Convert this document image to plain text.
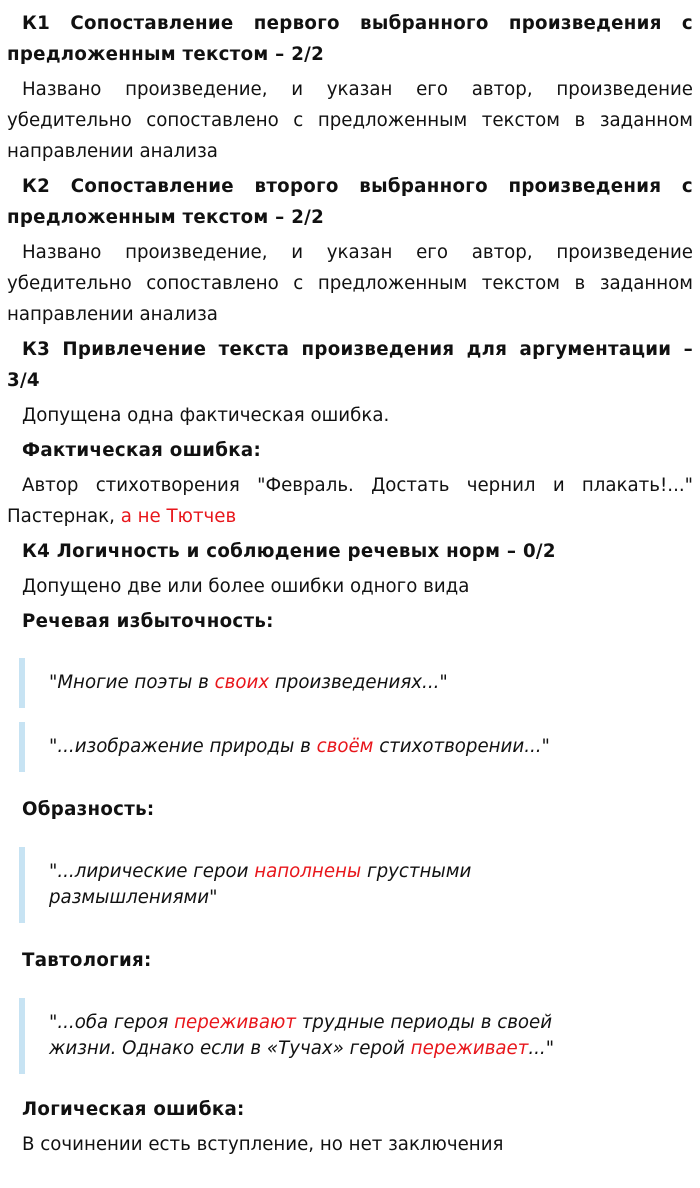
К1 Сопоставление первого выбранного произведения с предложенным текстом – 2/2

Названо произведение, и указан его автор, произведение убедительно сопоставлено с предложенным текстом в заданном направлении анализа

К2 Сопоставление второго выбранного произведения с предложенным текстом – 2/2

Названо произведение, и указан его автор, произведение убедительно сопоставлено с предложенным текстом в заданном направлении анализа

К3 Привлечение текста произведения для аргументации – 3/4

Допущена одна фактическая ошибка.

Фактическая ошибка:

Автор стихотворения "Февраль. Достать чернил и плакать!..." Пастернак, а не Тютчев

К4 Логичность и соблюдение речевых норм – 0/2

Допущено две или более ошибки одного вида

Речевая избыточность:

"Многие поэты в своих произведениях..."
"...изображение природы в своём стихотворении..."

Образность:

"...лирические герои наполнены грустными
размышлениями"

Тавтология:

"...оба героя переживают трудные периоды в своей
жизни. Однако если в «Тучах» герой переживает..."

Логическая ошибка:

В сочинении есть вступление, но нет заключения
